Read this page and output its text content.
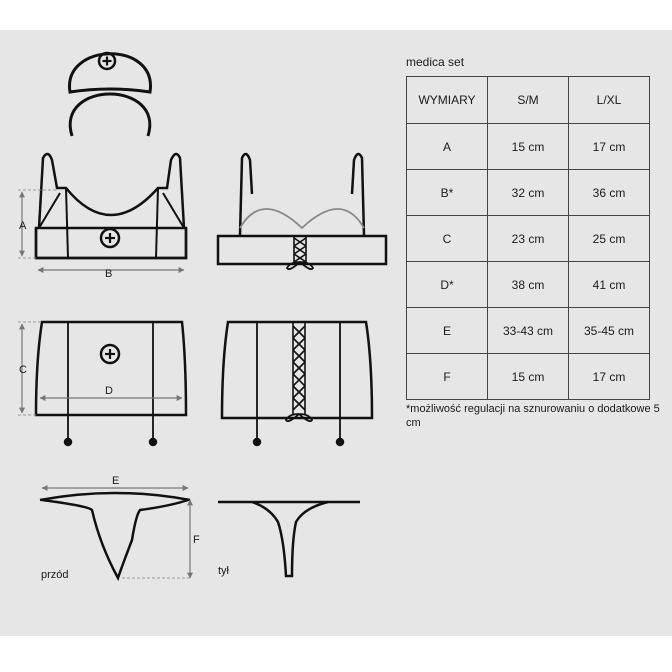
A
B
C
D
E
F
przód	tył
medica set
WYMIARY	S/M	L/XL
A	15 cm	17 cm
B*	32 cm	36 cm
C	23 cm	25 cm
D*	38 cm	41 cm
E	33-43 cm	35-45 cm
F	15 cm	17 cm
*możliwość regulacji na sznurowaniu o dodatkowe 5 cm
